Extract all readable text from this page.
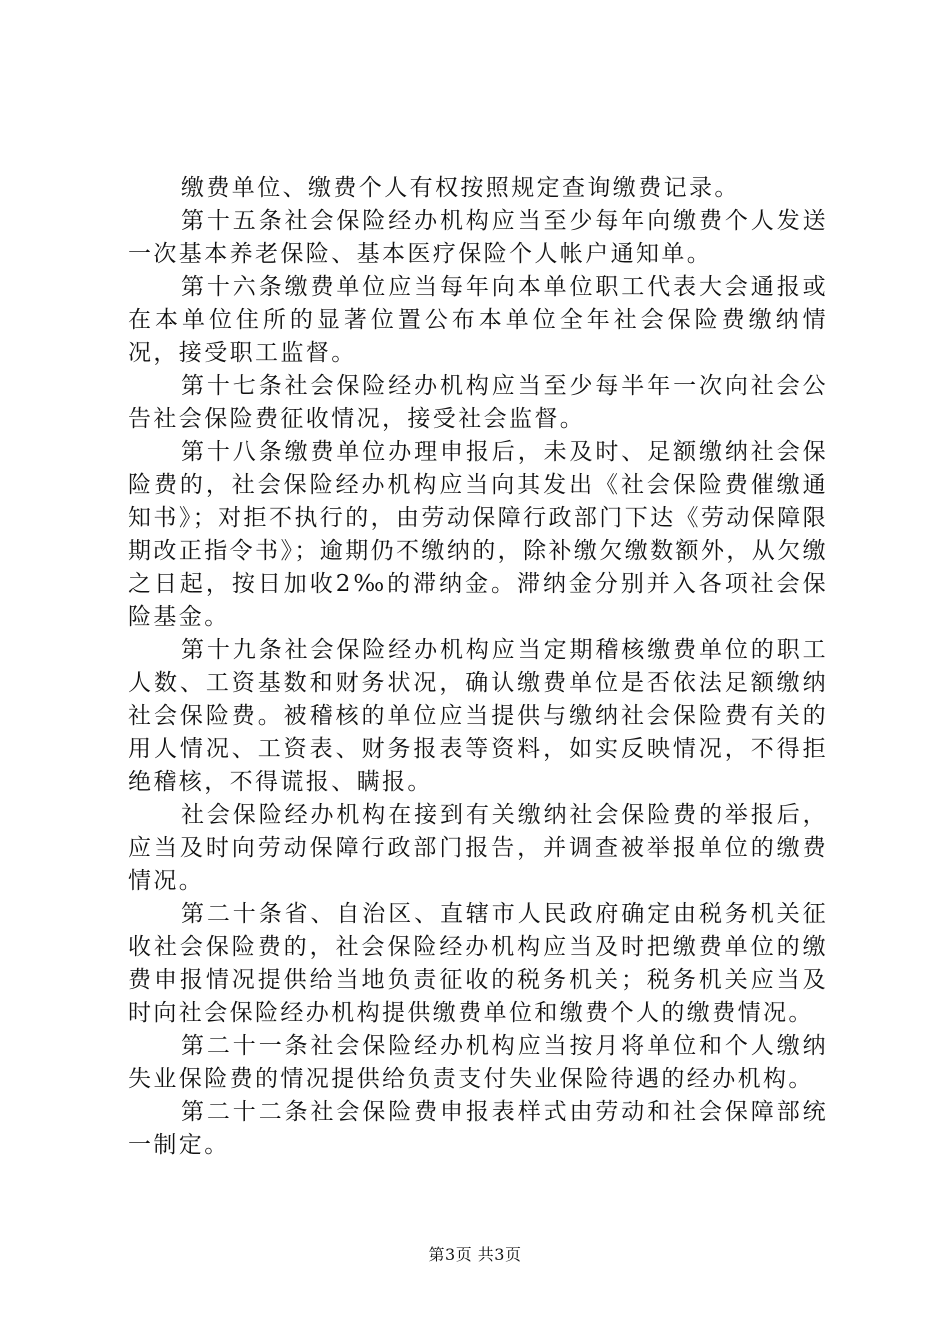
缴费单位、缴费个人有权按照规定查询缴费记录。

第十五条社会保险经办机构应当至少每年向缴费个人发送一次基本养老保险、基本医疗保险个人帐户通知单。

第十六条缴费单位应当每年向本单位职工代表大会通报或在本单位住所的显著位置公布本单位全年社会保险费缴纳情况，接受职工监督。

第十七条社会保险经办机构应当至少每半年一次向社会公告社会保险费征收情况，接受社会监督。

第十八条缴费单位办理申报后，未及时、足额缴纳社会保险费的，社会保险经办机构应当向其发出《社会保险费催缴通知书》；对拒不执行的，由劳动保障行政部门下达《劳动保障限期改正指令书》；逾期仍不缴纳的，除补缴欠缴数额外，从欠缴之日起，按日加收2‰的滞纳金。滞纳金分别并入各项社会保险基金。

第十九条社会保险经办机构应当定期稽核缴费单位的职工人数、工资基数和财务状况，确认缴费单位是否依法足额缴纳社会保险费。被稽核的单位应当提供与缴纳社会保险费有关的用人情况、工资表、财务报表等资料，如实反映情况，不得拒绝稽核，不得谎报、瞒报。

社会保险经办机构在接到有关缴纳社会保险费的举报后，应当及时向劳动保障行政部门报告，并调查被举报单位的缴费情况。

第二十条省、自治区、直辖市人民政府确定由税务机关征收社会保险费的，社会保险经办机构应当及时把缴费单位的缴费申报情况提供给当地负责征收的税务机关；税务机关应当及时向社会保险经办机构提供缴费单位和缴费个人的缴费情况。

第二十一条社会保险经办机构应当按月将单位和个人缴纳失业保险费的情况提供给负责支付失业保险待遇的经办机构。

第二十二条社会保险费申报表样式由劳动和社会保障部统一制定。

第3页 共3页
